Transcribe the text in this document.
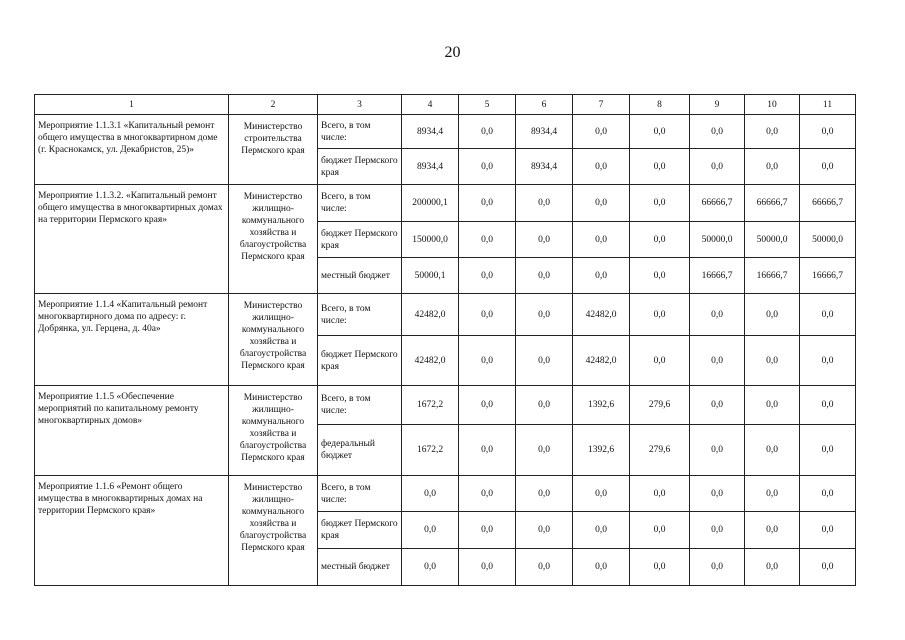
20
1	2	3	4	5	6	7	8	9	10	11
Мероприятие 1.1.3.1 «Капитальный ремонт общего имущества в многоквартирном доме (г. Краснокамск, ул. Декабристов, 25)»	Министерство строительства Пермского края	Всего, в том числе:	8934,4	0,0	8934,4	0,0	0,0	0,0	0,0	0,0
		бюджет Пермского края	8934,4	0,0	8934,4	0,0	0,0	0,0	0,0	0,0
Мероприятие 1.1.3.2. «Капитальный ремонт общего имущества в многоквартирных домах на территории Пермского края»	Министерство жилищно-коммунального хозяйства и благоустройства Пермского края	Всего, в том числе:	200000,1	0,0	0,0	0,0	0,0	66666,7	66666,7	66666,7
		бюджет Пермского края	150000,0	0,0	0,0	0,0	0,0	50000,0	50000,0	50000,0
		местный бюджет	50000,1	0,0	0,0	0,0	0,0	16666,7	16666,7	16666,7
Мероприятие 1.1.4 «Капитальный ремонт многоквартирного дома по адресу: г. Добрянка, ул. Герцена, д. 40а»	Министерство жилищно-коммунального хозяйства и благоустройства Пермского края	Всего, в том числе:	42482,0	0,0	0,0	42482,0	0,0	0,0	0,0	0,0
		бюджет Пермского края	42482,0	0,0	0,0	42482,0	0,0	0,0	0,0	0,0
Мероприятие 1.1.5 «Обеспечение мероприятий по капитальному ремонту многоквартирных домов»	Министерство жилищно-коммунального хозяйства и благоустройства Пермского края	Всего, в том числе:	1672,2	0,0	0,0	1392,6	279,6	0,0	0,0	0,0
		федеральный бюджет	1672,2	0,0	0,0	1392,6	279,6	0,0	0,0	0,0
Мероприятие 1.1.6 «Ремонт общего имущества в многоквартирных домах на территории Пермского края»	Министерство жилищно-коммунального хозяйства и благоустройства Пермского края	Всего, в том числе:	0,0	0,0	0,0	0,0	0,0	0,0	0,0	0,0
		бюджет Пермского края	0,0	0,0	0,0	0,0	0,0	0,0	0,0	0,0
		местный бюджет	0,0	0,0	0,0	0,0	0,0	0,0	0,0	0,0
